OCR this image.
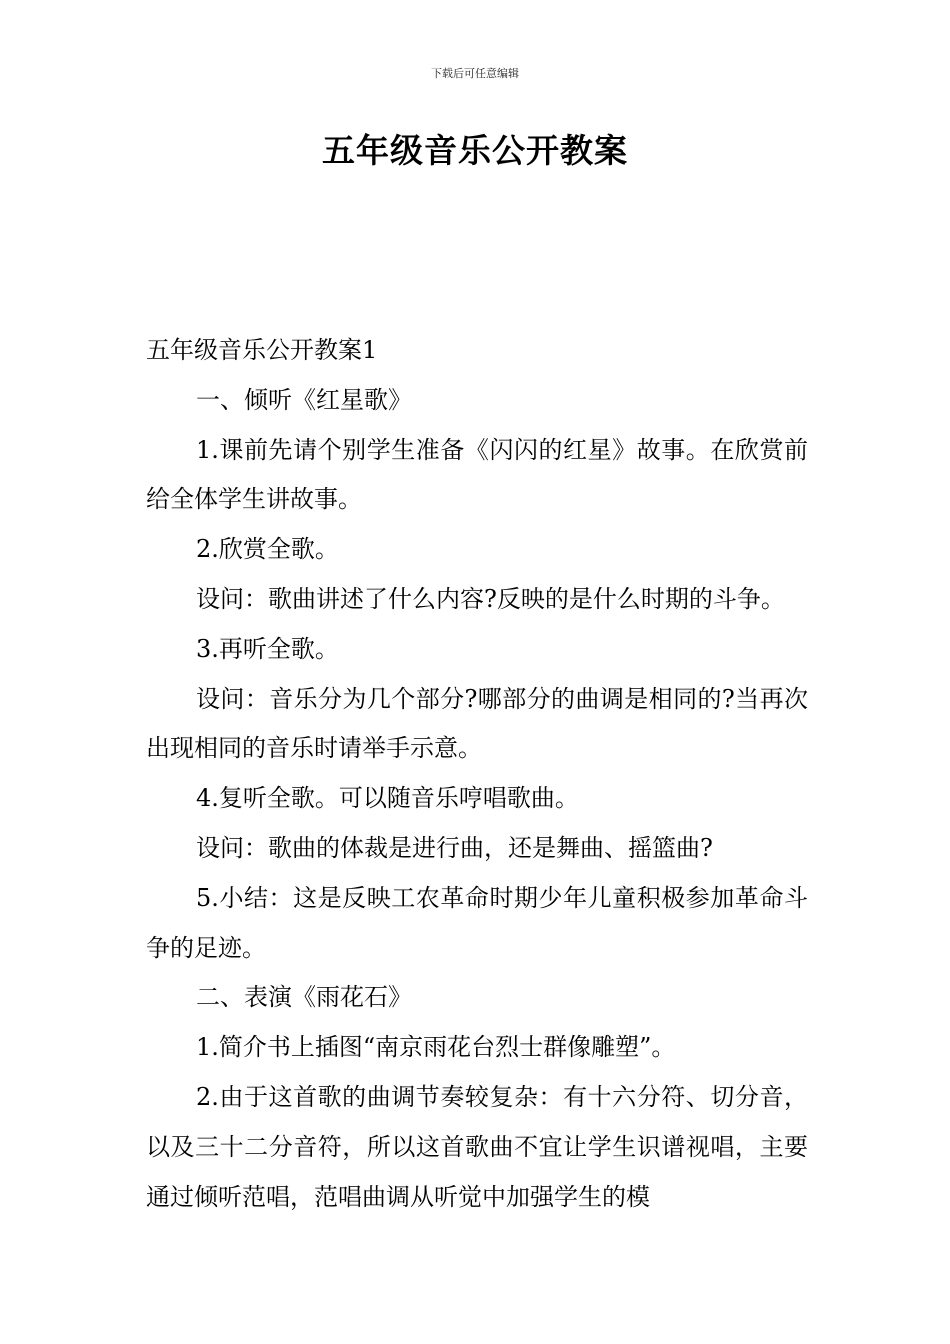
下载后可任意编辑
五年级音乐公开教案

五年级音乐公开教案1

一、倾听《红星歌》

1.课前先请个别学生准备《闪闪的红星》故事。在欣赏前给全体学生讲故事。

2.欣赏全歌。

设问：歌曲讲述了什么内容?反映的是什么时期的斗争。

3.再听全歌。

设问：音乐分为几个部分?哪部分的曲调是相同的?当再次出现相同的音乐时请举手示意。

4.复听全歌。可以随音乐哼唱歌曲。

设问：歌曲的体裁是进行曲，还是舞曲、摇篮曲?

5.小结：这是反映工农革命时期少年儿童积极参加革命斗争的足迹。

二、表演《雨花石》

1.简介书上插图“南京雨花台烈士群像雕塑”。

2.由于这首歌的曲调节奏较复杂：有十六分符、切分音，以及三十二分音符，所以这首歌曲不宜让学生识谱视唱，主要通过倾听范唱，范唱曲调从听觉中加强学生的模
